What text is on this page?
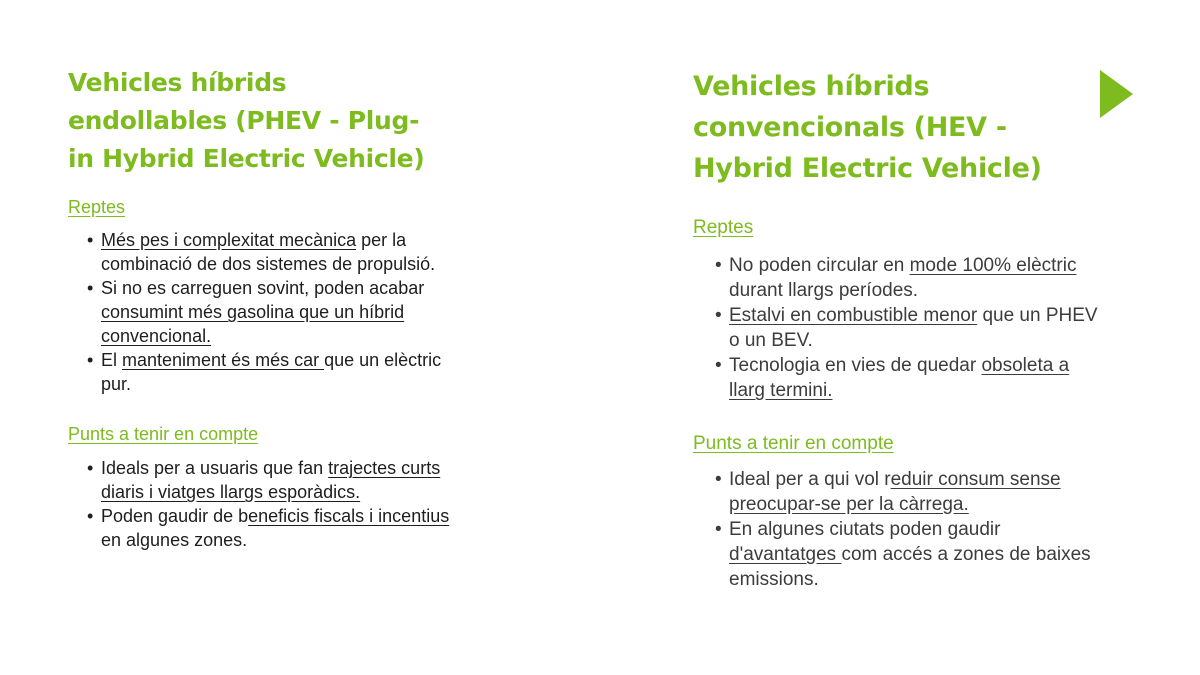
Vehicles híbrids endollables (PHEV - Plug-in Hybrid Electric Vehicle)
Reptes
• Més pes i complexitat mecànica per la combinació de dos sistemes de propulsió.
• Si no es carreguen sovint, poden acabar consumint més gasolina que un híbrid convencional.
• El manteniment és més car que un elèctric pur.
Punts a tenir en compte
• Ideals per a usuaris que fan trajectes curts diaris i viatges llargs esporàdics.
• Poden gaudir de beneficis fiscals i incentius en algunes zones.
Vehicles híbrids convencionals (HEV - Hybrid Electric Vehicle)
Reptes
• No poden circular en mode 100% elèctric durant llargs períodes.
• Estalvi en combustible menor que un PHEV o un BEV.
• Tecnologia en vies de quedar obsoleta a llarg termini.
Punts a tenir en compte
• Ideal per a qui vol reduir consum sense preocupar-se per la càrrega.
• En algunes ciutats poden gaudir d'avantatges com accés a zones de baixes emissions.
